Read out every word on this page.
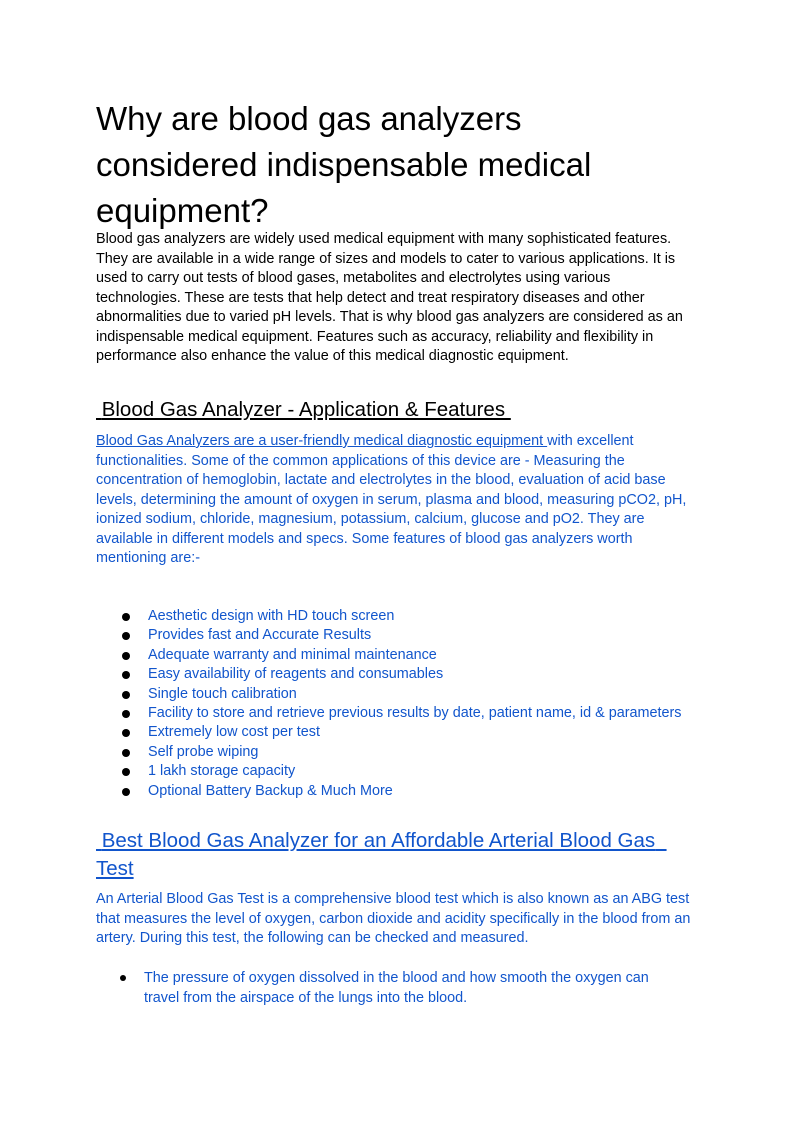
Why are blood gas analyzers considered indispensable medical  equipment?

Blood gas analyzers are widely used medical equipment with many sophisticated features. They are available in a wide range of sizes and models to cater to various applications. It is used to carry out tests of blood gases, metabolites and electrolytes using various technologies. These are tests that help detect and treat respiratory diseases and other abnormalities due to varied pH levels. That is why blood gas analyzers are considered as an indispensable medical equipment. Features such as accuracy, reliability and flexibility in performance also enhance the value of this medical diagnostic equipment.

Blood Gas Analyzer - Application & Features

Blood Gas Analyzers are a user-friendly medical diagnostic equipment with excellent functionalities. Some of the common applications of this device are - Measuring the concentration of hemoglobin, lactate and electrolytes in the blood, evaluation of acid base levels, determining the amount of oxygen in serum, plasma and blood, measuring pCO2, pH, ionized sodium, chloride, magnesium, potassium, calcium, glucose and pO2. They are available in different models and specs. Some features of blood gas analyzers worth mentioning are:-

Aesthetic design with HD touch screen
Provides fast and Accurate Results
Adequate warranty and minimal maintenance
Easy availability of reagents and consumables
Single touch calibration
Facility to store and retrieve previous results by date, patient name, id & parameters
Extremely low cost per test
Self probe wiping
1 lakh storage capacity
Optional Battery Backup & Much More
Best Blood Gas Analyzer for an Affordable Arterial Blood Gas  Test

An Arterial Blood Gas Test is a comprehensive blood test which is also known as an ABG test that measures the level of oxygen, carbon dioxide and acidity specifically in the blood from an artery. During this test, the following can be checked and measured.

The pressure of oxygen dissolved in the blood and how smooth the oxygen can travel from the airspace of the lungs into the blood.
